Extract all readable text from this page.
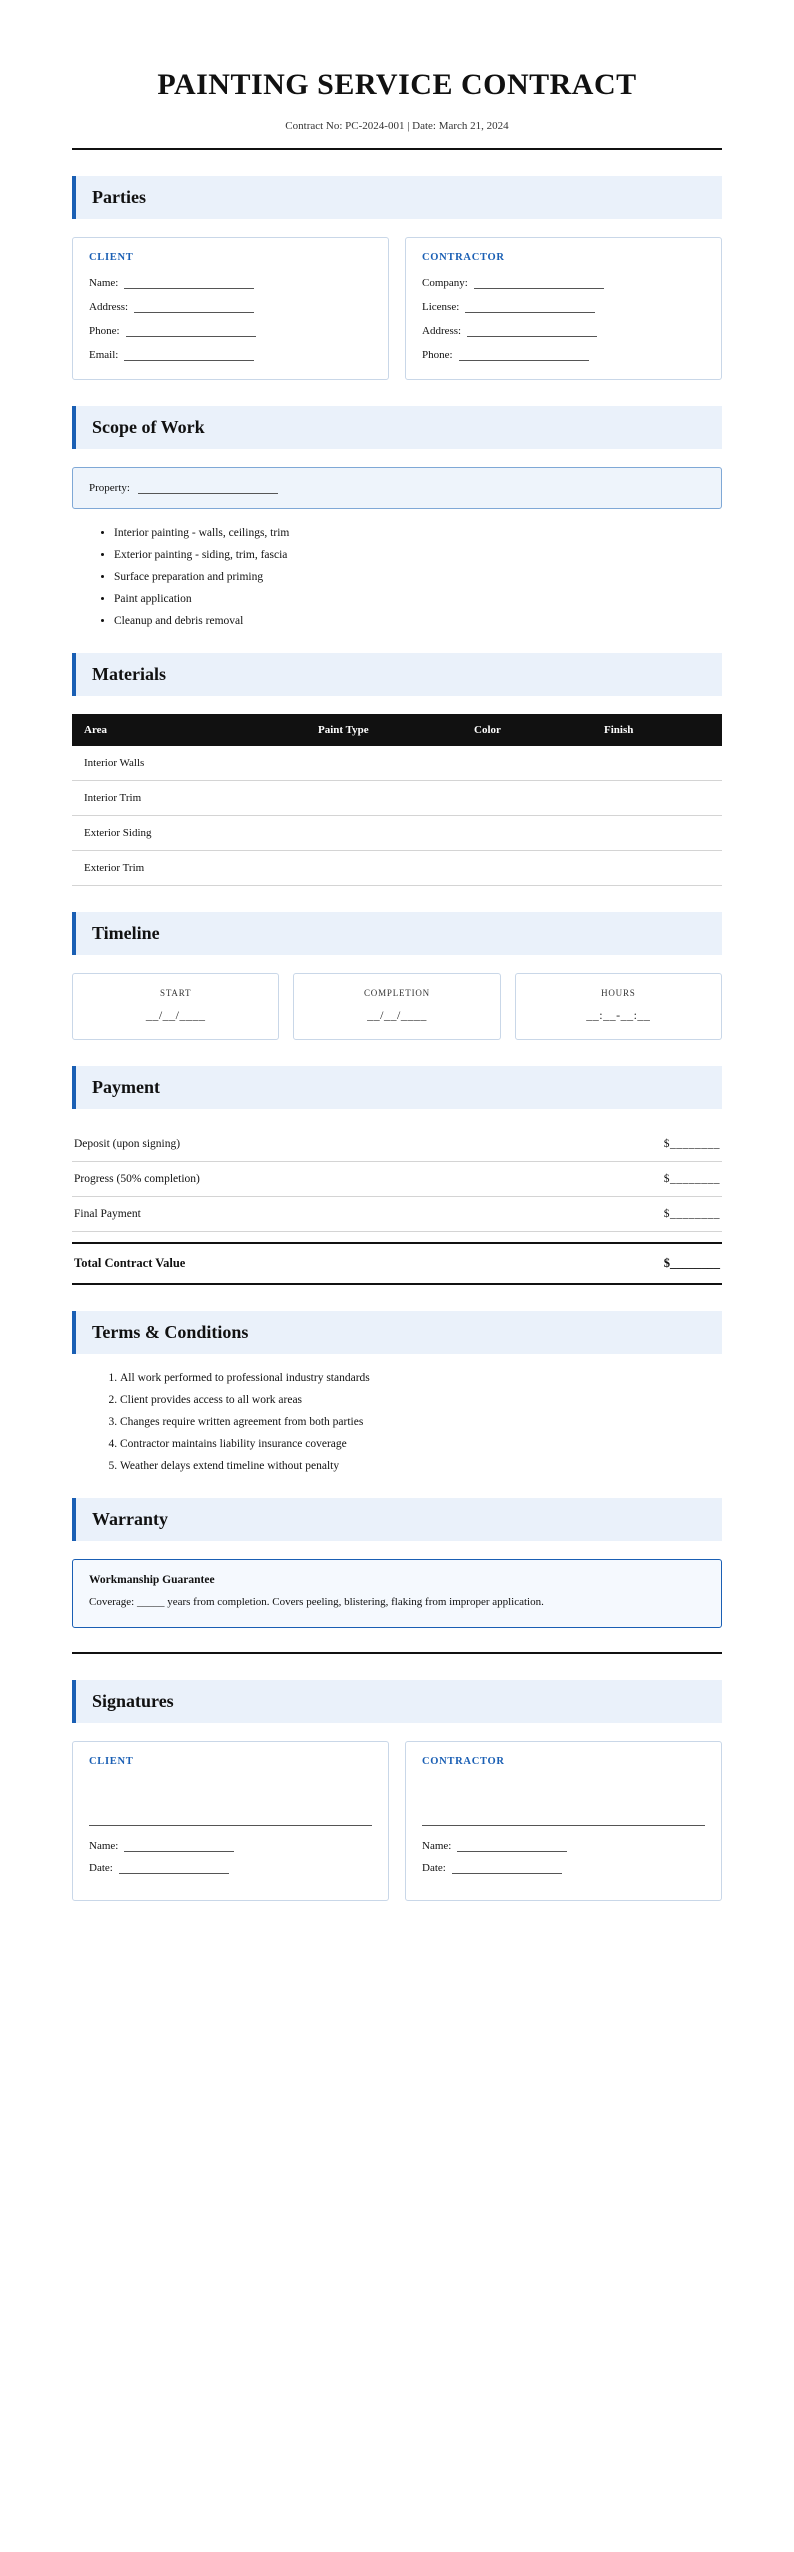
PAINTING SERVICE CONTRACT
Contract No: PC-2024-001 | Date: March 21, 2024
Parties
CLIENT
Name:
Address:
Phone:
Email:
CONTRACTOR
Company:
License:
Address:
Phone:
Scope of Work
Property:
• Interior painting - walls, ceilings, trim
• Exterior painting - siding, trim, fascia
• Surface preparation and priming
• Paint application
• Cleanup and debris removal
Materials
Area	Paint Type	Color	Finish
Interior Walls			
Interior Trim			
Exterior Siding			
Exterior Trim			
Timeline
START
__/__/____
COMPLETION
__/__/____
HOURS
__:__-__:__
Payment
Deposit (upon signing)	$________
Progress (50% completion)	$________
Final Payment	$________
Total Contract Value	$________
Terms & Conditions
1. All work performed to professional industry standards
2. Client provides access to all work areas
3. Changes require written agreement from both parties
4. Contractor maintains liability insurance coverage
5. Weather delays extend timeline without penalty
Warranty
Workmanship Guarantee
Coverage: _____ years from completion. Covers peeling, blistering, flaking from improper application.
Signatures
CLIENT
Name:
Date:
CONTRACTOR
Name:
Date:
